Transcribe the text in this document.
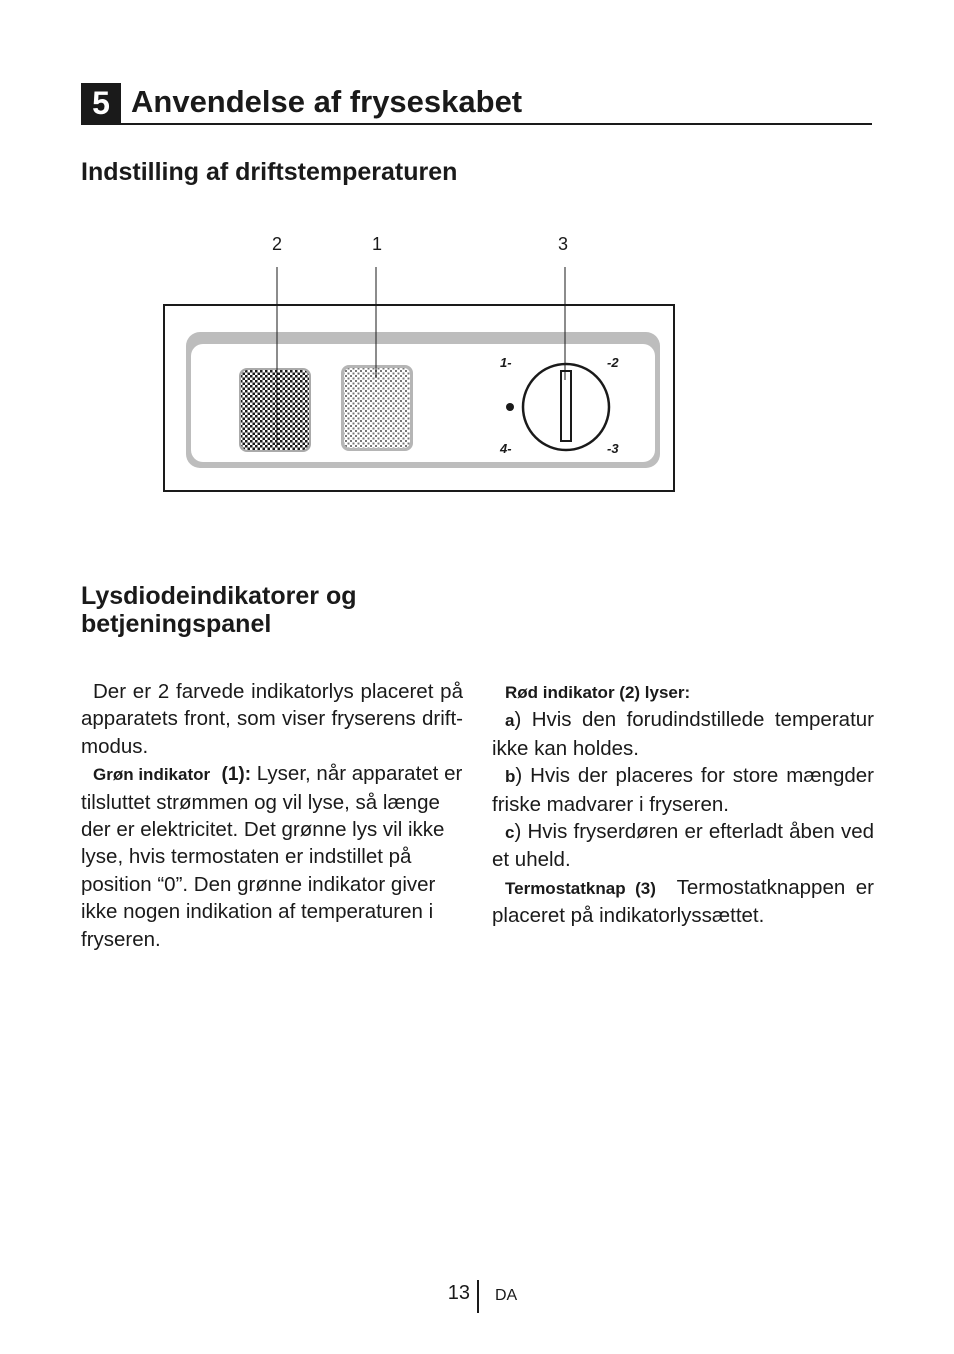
5 Anvendelse af fryseskabet
Indstilling af driftstemperaturen
2	1	3
1-	-2
4-	-3
Lysdiodeindikatorer og betjeningspanel

Der er 2 farvede indikatorlys placeret på apparatets front, som viser fryserens drift-modus.

Grøn indikator (1): Lyser, når apparatet er tilsluttet strømmen og vil lyse, så længe der er elektricitet. Det grønne lys vil ikke lyse, hvis termostaten er indstillet på position “0”. Den grønne indikator giver ikke nogen indikation af temperaturen i fryseren.

Rød indikator (2) lyser:

a) Hvis den forudindstillede temperatur ikke kan holdes.

b) Hvis der placeres for store mængder friske madvarer i fryseren.

c) Hvis fryserdøren er efterladt åben ved et uheld.

Termostatknap (3) Termostatknappen er placeret på indikatorlyssættet.

13 DA
